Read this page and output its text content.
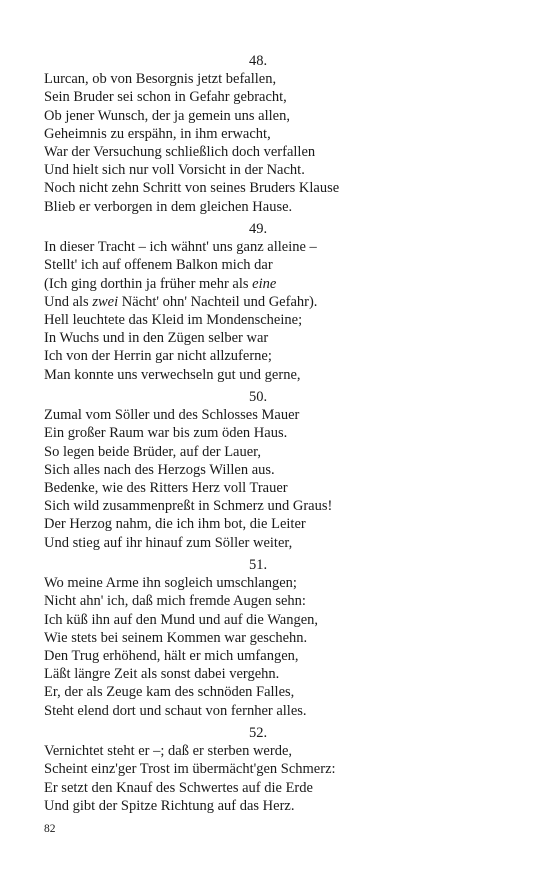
48.
Lurcan, ob von Besorgnis jetzt befallen,
Sein Bruder sei schon in Gefahr gebracht,
Ob jener Wunsch, der ja gemein uns allen,
Geheimnis zu erspähn, in ihm erwacht,
War der Versuchung schließlich doch verfallen
Und hielt sich nur voll Vorsicht in der Nacht.
Noch nicht zehn Schritt von seines Bruders Klause
Blieb er verborgen in dem gleichen Hause.
49.
In dieser Tracht – ich wähnt' uns ganz alleine –
Stellt' ich auf offenem Balkon mich dar
(Ich ging dorthin ja früher mehr als eine
Und als zwei Nächt' ohn' Nachteil und Gefahr).
Hell leuchtete das Kleid im Mondenscheine;
In Wuchs und in den Zügen selber war
Ich von der Herrin gar nicht allzuferne;
Man konnte uns verwechseln gut und gerne,
50.
Zumal vom Söller und des Schlosses Mauer
Ein großer Raum war bis zum öden Haus.
So legen beide Brüder, auf der Lauer,
Sich alles nach des Herzogs Willen aus.
Bedenke, wie des Ritters Herz voll Trauer
Sich wild zusammenpreßt in Schmerz und Graus!
Der Herzog nahm, die ich ihm bot, die Leiter
Und stieg auf ihr hinauf zum Söller weiter,
51.
Wo meine Arme ihn sogleich umschlangen;
Nicht ahn' ich, daß mich fremde Augen sehn:
Ich küß ihn auf den Mund und auf die Wangen,
Wie stets bei seinem Kommen war geschehn.
Den Trug erhöhend, hält er mich umfangen,
Läßt längre Zeit als sonst dabei vergehn.
Er, der als Zeuge kam des schnöden Falles,
Steht elend dort und schaut von fernher alles.
52.
Vernichtet steht er –; daß er sterben werde,
Scheint einz'ger Trost im übermächt'gen Schmerz:
Er setzt den Knauf des Schwertes auf die Erde
Und gibt der Spitze Richtung auf das Herz.
82
